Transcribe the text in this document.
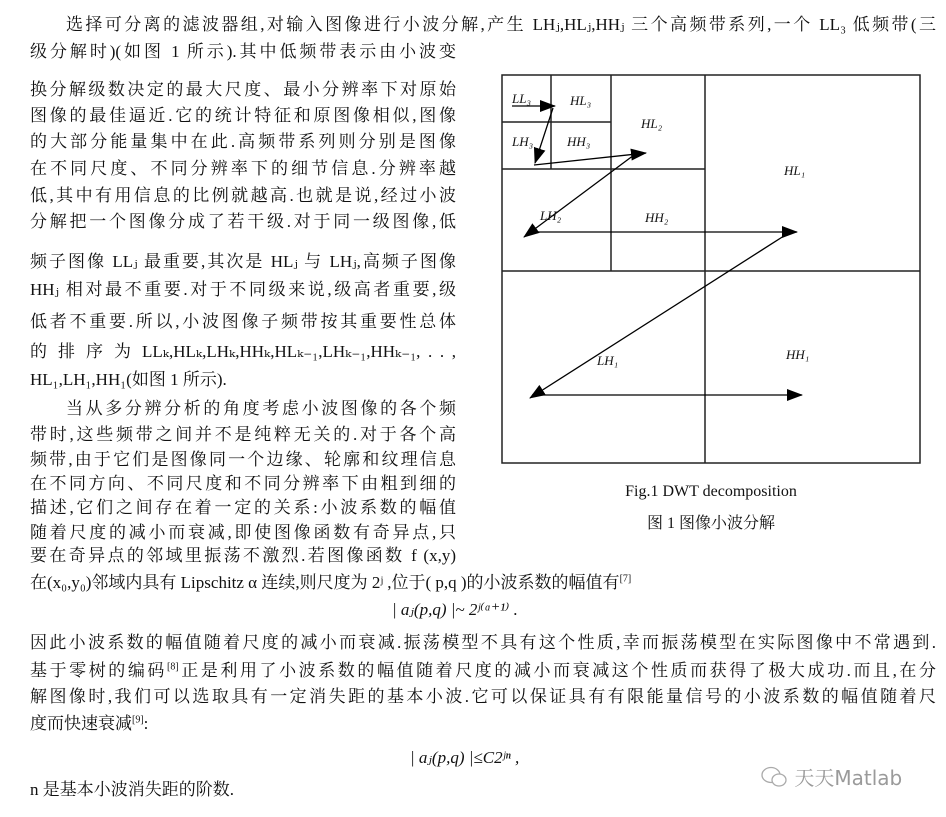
选择可分离的滤波器组,对输入图像进行小波分解,产生 LHⱼ,HLⱼ,HHⱼ 三个高频带系列,一个 LL₃ 低频带(三
级分解时)(如图 1 所示).其中低频带表示由小波变
换分解级数决定的最大尺度、最小分辨率下对原始
图像的最佳逼近.它的统计特征和原图像相似,图像
的大部分能量集中在此.高频带系列则分别是图像
在不同尺度、不同分辨率下的细节信息.分辨率越
低,其中有用信息的比例就越高.也就是说,经过小波
分解把一个图像分成了若干级.对于同一级图像,低
频子图像 LLⱼ 最重要,其次是 HLⱼ 与 LHⱼ,高频子图像
HHⱼ 相对最不重要.对于不同级来说,级高者重要,级
低者不重要.所以,小波图像子频带按其重要性总体
的 排 序 为 LLₖ,HLₖ,LHₖ,HHₖ,HLₖ₋₁,LHₖ₋₁,HHₖ₋₁, . . ,
HL₁,LH₁,HH₁(如图 1 所示).
当从多分辨分析的角度考虑小波图像的各个频
带时,这些频带之间并不是纯粹无关的.对于各个高
频带,由于它们是图像同一个边缘、轮廓和纹理信息
在不同方向、不同尺度和不同分辨率下由粗到细的
描述,它们之间存在着一定的关系:小波系数的幅值
随着尺度的减小而衰减,即使图像函数有奇异点,只
要在奇异点的邻域里振荡不激烈.若图像函数 f (x,y)
在(x₀,y₀)邻域内具有 Lipschitz α 连续,则尺度为 2ʲ ,位于( p,q )的小波系数的幅值有[7]
| aⱼ(p,q) |~ 2ʲ⁽ᵅ⁺¹⁾ .
因此小波系数的幅值随着尺度的减小而衰减.振荡模型不具有这个性质,幸而振荡模型在实际图像中不常遇到.
基于零树的编码[8]正是利用了小波系数的幅值随着尺度的减小而衰减这个性质而获得了极大成功.而且,在分
解图像时,我们可以选取具有一定消失距的基本小波.它可以保证具有有限能量信号的小波系数的幅值随着尺
度而快速衰减[9]:
| aⱼ(p,q) |≤C2ʲⁿ ,
n 是基本小波消失距的阶数.
LL₃	HL₃
LH₃	HH₃
HL₂
LH₂	HH₂
HL₁
LH₁	HH₁
Fig.1 DWT decomposition
图 1 图像小波分解
天天Matlab
